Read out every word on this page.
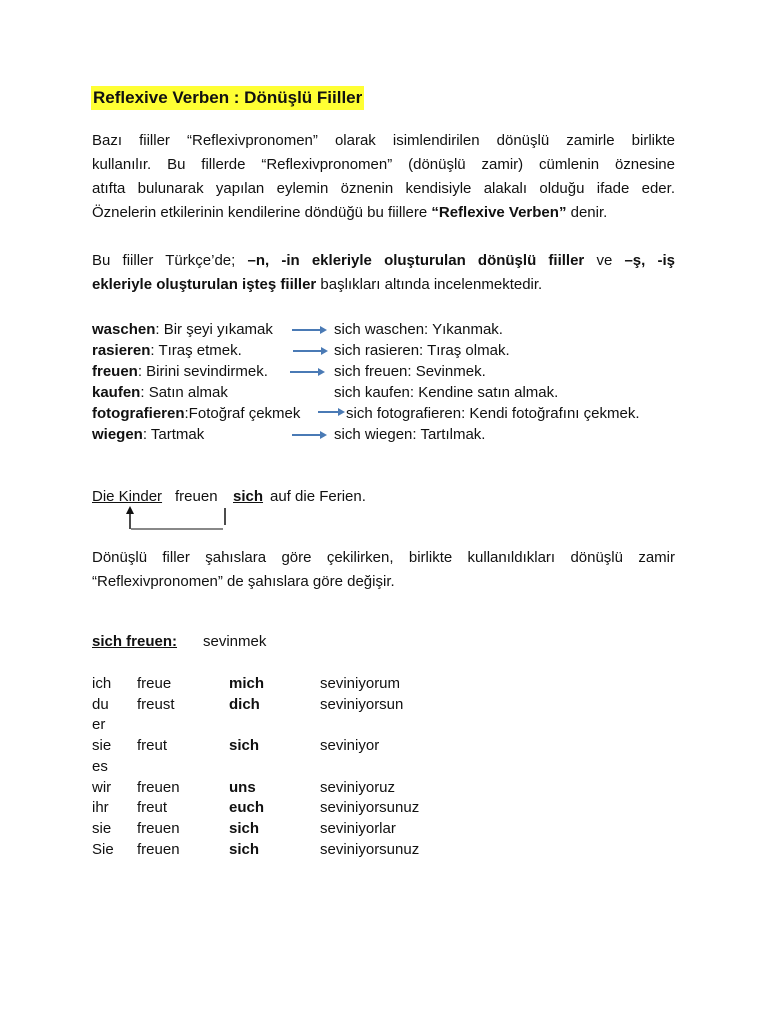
Reflexive Verben : Dönüşlü Fiiller
Bazı fiiller “Reflexivpronomen” olarak isimlendirilen dönüşlü zamirle birlikte
kullanılır. Bu fillerde “Reflexivpronomen” (dönüşlü zamir) cümlenin öznesine
atıfta bulunarak yapılan eylemin öznenin kendisiyle alakalı olduğu ifade eder.
Öznelerin etkilerinin kendilerine döndüğü bu fiillere “Reflexive Verben” denir.
Bu fiiller Türkçe’de; –n, -in ekleriyle oluşturulan dönüşlü fiiller ve –ş, -iş
ekleriyle oluşturulan işteş fiiller başlıkları altında incelenmektedir.
waschen: Bir şeyi yıkamak	sich waschen: Yıkanmak.
rasieren: Tıraş etmek.	sich rasieren: Tıraş olmak.
freuen: Birini sevindirmek.	sich freuen: Sevinmek.
kaufen: Satın almak	sich kaufen: Kendine satın almak.
fotografieren:Fotoğraf çekmek	sich fotografieren: Kendi fotoğrafını çekmek.
wiegen: Tartmak	sich wiegen: Tartılmak.
Die Kinder freuen sich auf die Ferien.
Dönüşlü filler şahıslara göre çekilirken, birlikte kullanıldıkları dönüşlü zamir
“Reflexivpronomen” de şahıslara göre değişir.
sich freuen: sevinmek
ich freue	mich	seviniyorum
du freust	dich	seviniyorsun
er
sie freut	sich	seviniyor
es
wir freuen	uns	seviniyoruz
ihr freut	euch	seviniyorsunuz
sie freuen	sich	seviniyorlar
Sie freuen	sich	seviniyorsunuz
